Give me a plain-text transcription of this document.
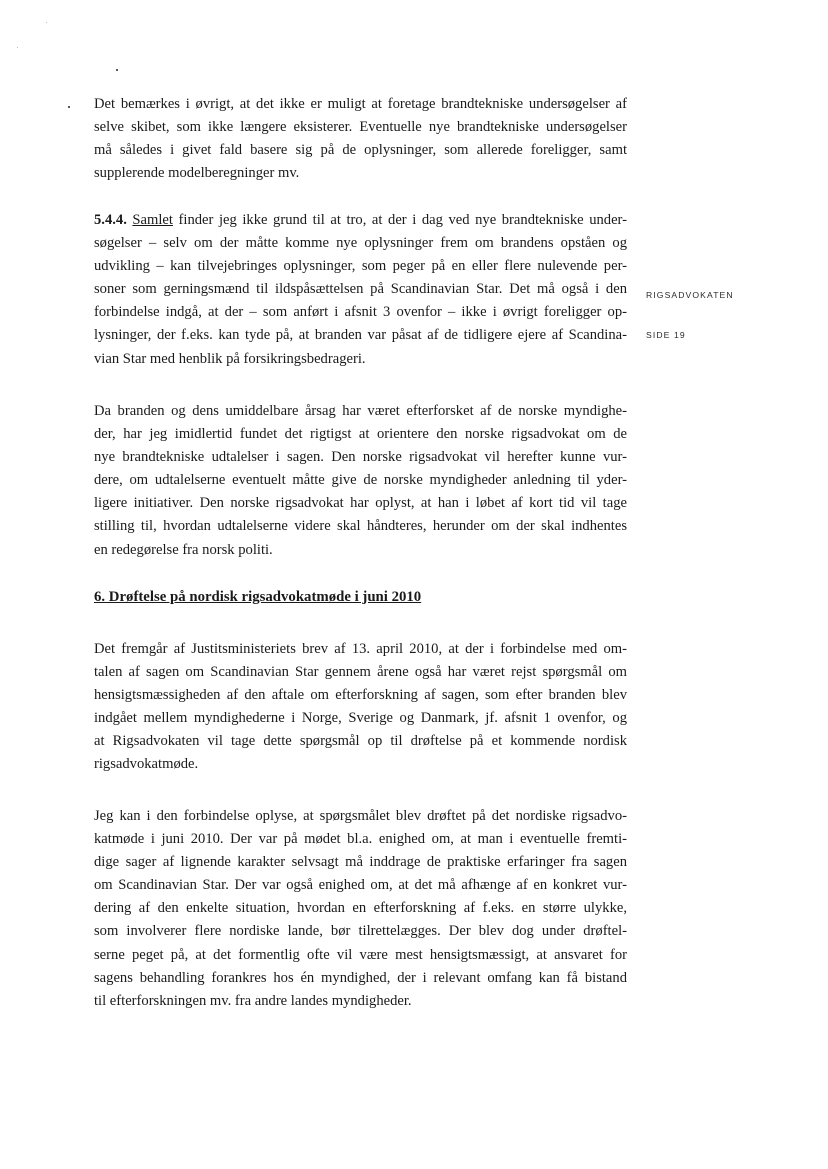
Det bemærkes i øvrigt, at det ikke er muligt at foretage brandtekniske undersøgelser af
selve skibet, som ikke længere eksisterer. Eventuelle nye brandtekniske undersøgelser
må således i givet fald basere sig på de oplysninger, som allerede foreligger, samt
supplerende modelberegninger mv.
5.4.4. Samlet finder jeg ikke grund til at tro, at der i dag ved nye brandtekniske under-
søgelser – selv om der måtte komme nye oplysninger frem om brandens opståen og
udvikling – kan tilvejebringes oplysninger, som peger på en eller flere nulevende per-
soner som gerningsmænd til ildspåsættelsen på Scandinavian Star. Det må også i den
forbindelse indgå, at der – som anført i afsnit 3 ovenfor – ikke i øvrigt foreligger op-
lysninger, der f.eks. kan tyde på, at branden var påsat af de tidligere ejere af Scandina-
vian Star med henblik på forsikringsbedrageri.
RIGSADVOKATEN
SIDE 19
Da branden og dens umiddelbare årsag har været efterforsket af de norske myndighe-
der, har jeg imidlertid fundet det rigtigst at orientere den norske rigsadvokat om de
nye brandtekniske udtalelser i sagen. Den norske rigsadvokat vil herefter kunne vur-
dere, om udtalelserne eventuelt måtte give de norske myndigheder anledning til yder-
ligere initiativer. Den norske rigsadvokat har oplyst, at han i løbet af kort tid vil tage
stilling til, hvordan udtalelserne videre skal håndteres, herunder om der skal indhentes
en redegørelse fra norsk politi.
6. Drøftelse på nordisk rigsadvokatmøde i juni 2010
Det fremgår af Justitsministeriets brev af 13. april 2010, at der i forbindelse med om-
talen af sagen om Scandinavian Star gennem årene også har været rejst spørgsmål om
hensigtsmæssigheden af den aftale om efterforskning af sagen, som efter branden blev
indgået mellem myndighederne i Norge, Sverige og Danmark, jf. afsnit 1 ovenfor, og
at Rigsadvokaten vil tage dette spørgsmål op til drøftelse på et kommende nordisk
rigsadvokatmøde.
Jeg kan i den forbindelse oplyse, at spørgsmålet blev drøftet på det nordiske rigsadvo-
katmøde i juni 2010. Der var på mødet bl.a. enighed om, at man i eventuelle fremti-
dige sager af lignende karakter selvsagt må inddrage de praktiske erfaringer fra sagen
om Scandinavian Star. Der var også enighed om, at det må afhænge af en konkret vur-
dering af den enkelte situation, hvordan en efterforskning af f.eks. en større ulykke,
som involverer flere nordiske lande, bør tilrettelægges. Der blev dog under drøftel-
serne peget på, at det formentlig ofte vil være mest hensigtsmæssigt, at ansvaret for
sagens behandling forankres hos én myndighed, der i relevant omfang kan få bistand
til efterforskningen mv. fra andre landes myndigheder.
